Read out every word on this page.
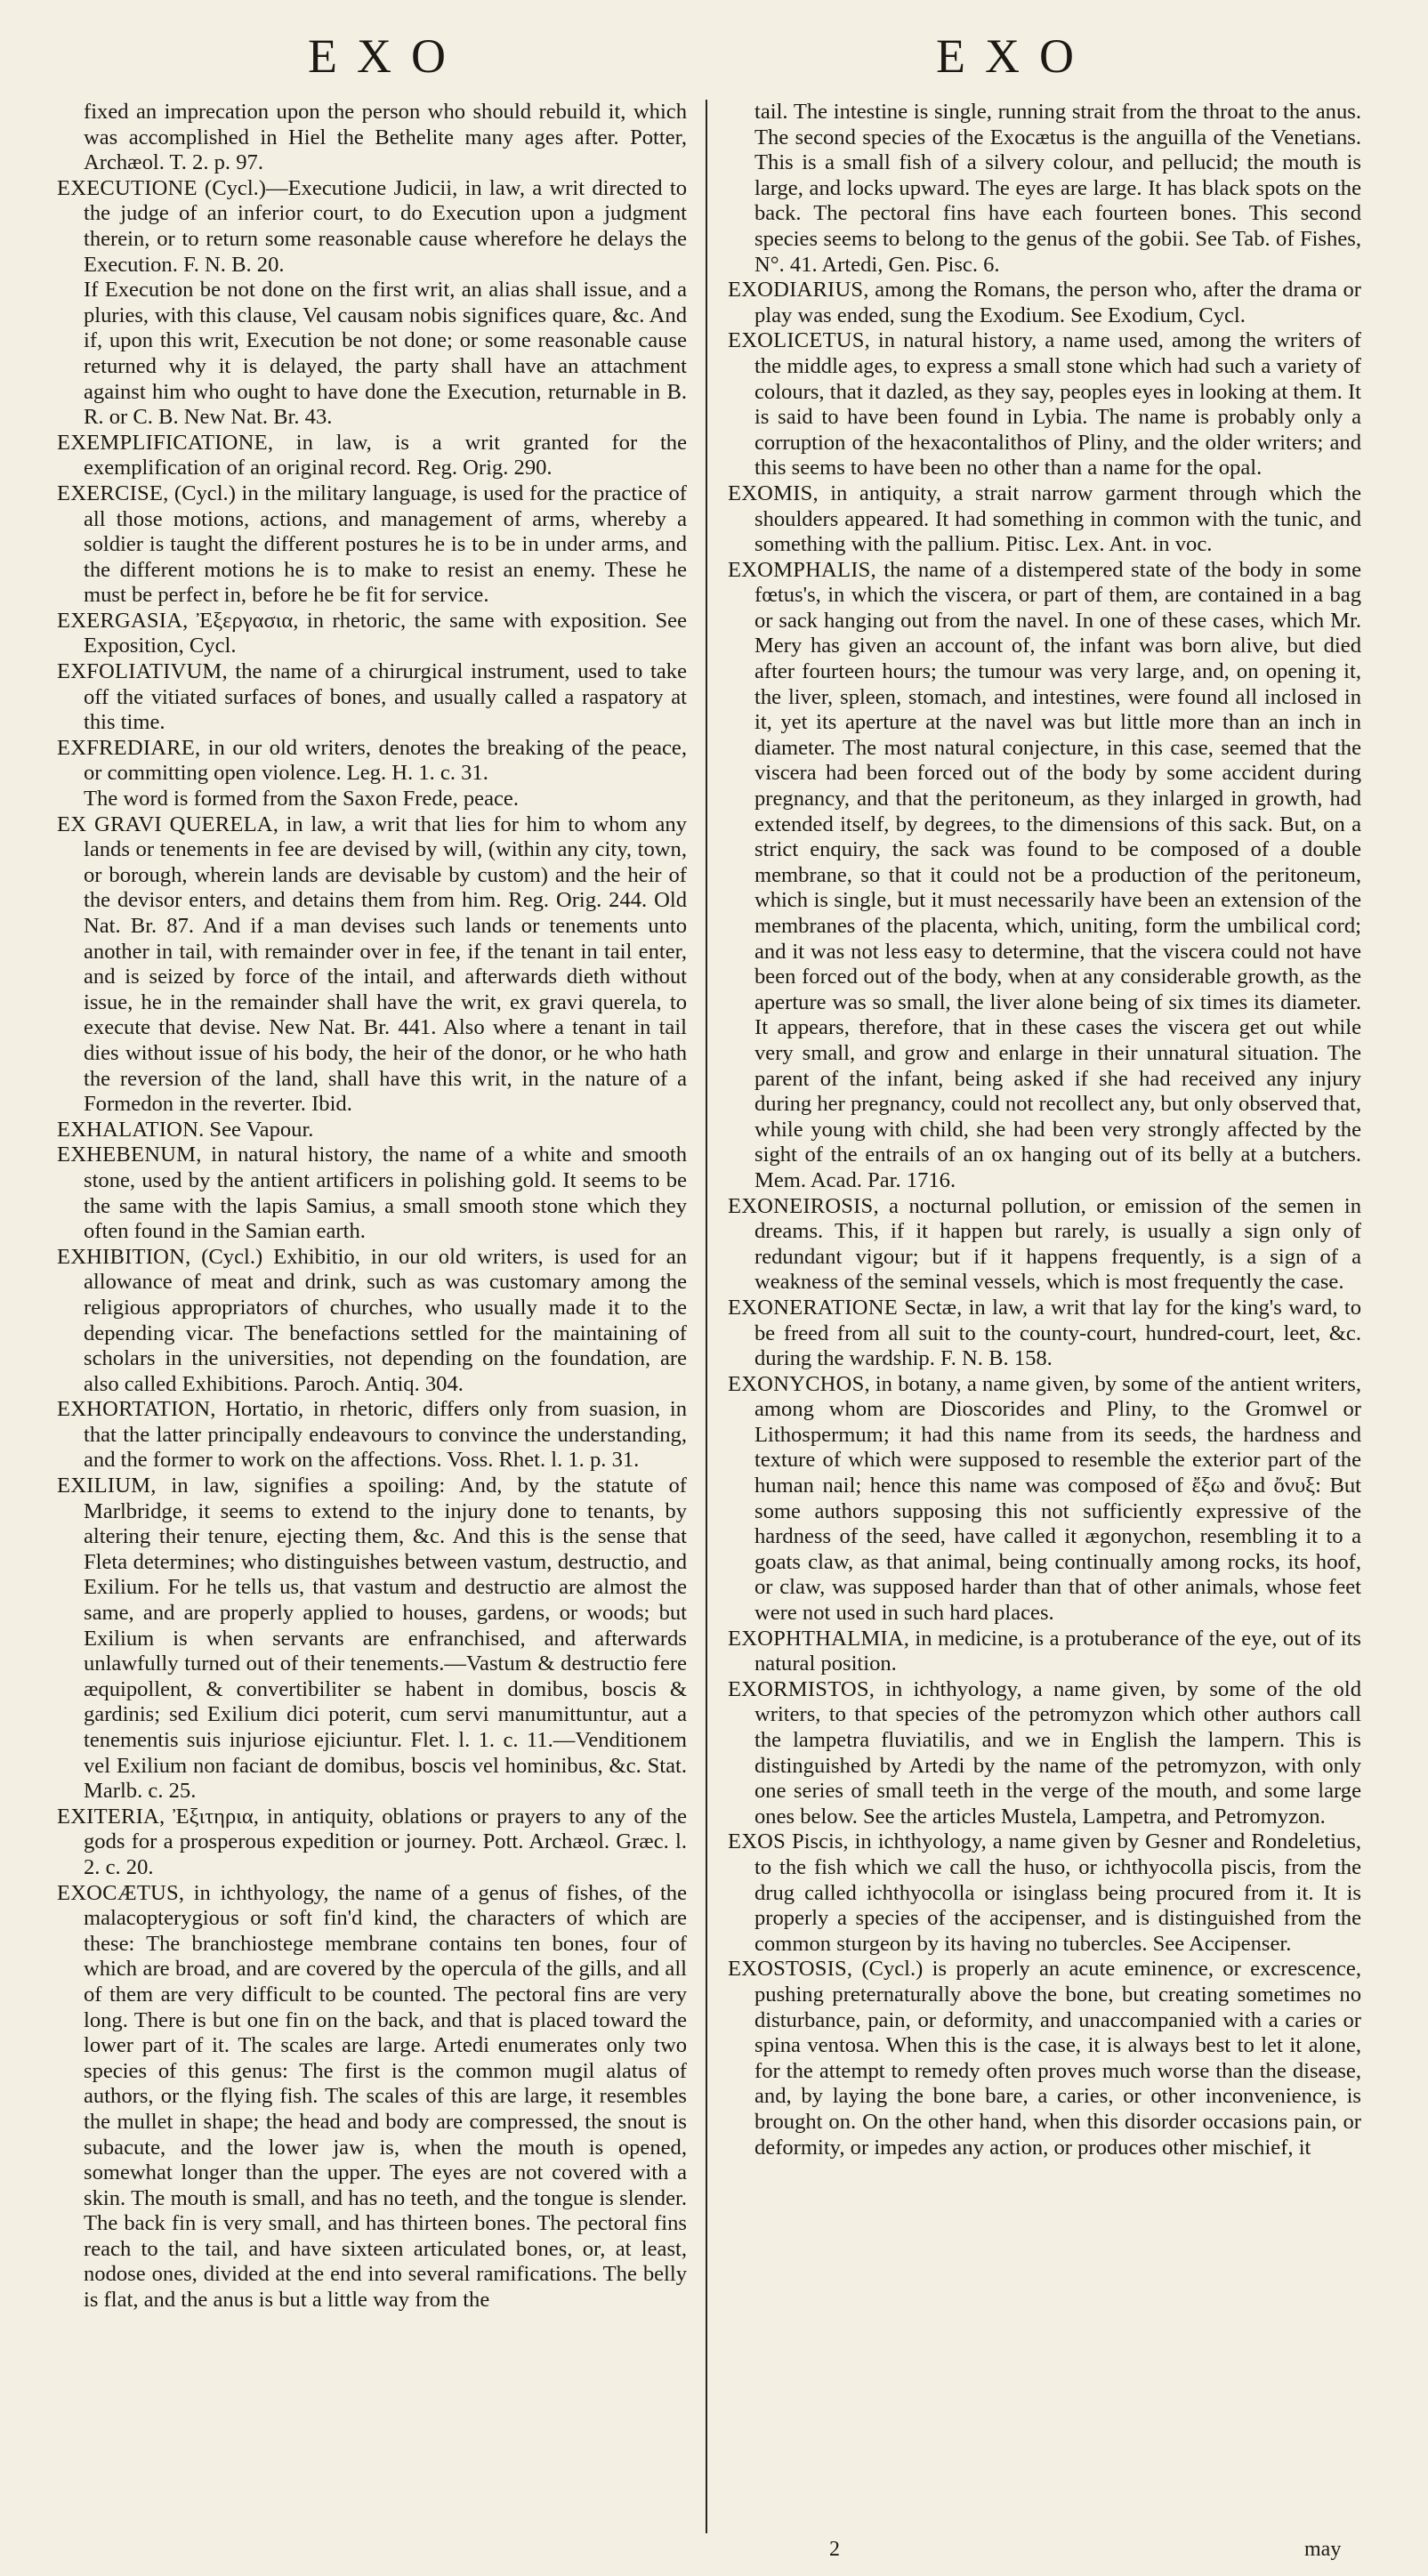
EXO	EXO

fixed an imprecation upon the person who should rebuild it, which was accomplished in Hiel the Bethelite many ages after. Potter, Archæol. T. 2. p. 97.

EXECUTIONE (Cycl.)—Executione Judicii, in law, a writ directed to the judge of an inferior court, to do Execution upon a judgment therein, or to return some reasonable cause wherefore he delays the Execution. F. N. B. 20.

If Execution be not done on the first writ, an alias shall issue, and a pluries, with this clause, Vel causam nobis significes quare, &c. And if, upon this writ, Execution be not done; or some reasonable cause returned why it is delayed, the party shall have an attachment against him who ought to have done the Execution, returnable in B. R. or C. B. New Nat. Br. 43.

EXEMPLIFICATIONE, in law, is a writ granted for the exemplification of an original record. Reg. Orig. 290.

EXERCISE, (Cycl.) in the military language, is used for the practice of all those motions, actions, and management of arms, whereby a soldier is taught the different postures he is to be in under arms, and the different motions he is to make to resist an enemy. These he must be perfect in, before he be fit for service.

EXERGASIA, Ἐξεργασια, in rhetoric, the same with exposition. See Exposition, Cycl.

EXFOLIATIVUM, the name of a chirurgical instrument, used to take off the vitiated surfaces of bones, and usually called a raspatory at this time.

EXFREDIARE, in our old writers, denotes the breaking of the peace, or committing open violence. Leg. H. 1. c. 31.

The word is formed from the Saxon Frede, peace.

EX GRAVI QUERELA, in law, a writ that lies for him to whom any lands or tenements in fee are devised by will, (within any city, town, or borough, wherein lands are devisable by custom) and the heir of the devisor enters, and detains them from him. Reg. Orig. 244. Old Nat. Br. 87. And if a man devises such lands or tenements unto another in tail, with remainder over in fee, if the tenant in tail enter, and is seized by force of the intail, and afterwards dieth without issue, he in the remainder shall have the writ, ex gravi querela, to execute that devise. New Nat. Br. 441. Also where a tenant in tail dies without issue of his body, the heir of the donor, or he who hath the reversion of the land, shall have this writ, in the nature of a Formedon in the reverter. Ibid.

EXHALATION. See Vapour.

EXHEBENUM, in natural history, the name of a white and smooth stone, used by the antient artificers in polishing gold. It seems to be the same with the lapis Samius, a small smooth stone which they often found in the Samian earth.

EXHIBITION, (Cycl.) Exhibitio, in our old writers, is used for an allowance of meat and drink, such as was customary among the religious appropriators of churches, who usually made it to the depending vicar. The benefactions settled for the maintaining of scholars in the universities, not depending on the foundation, are also called Exhibitions. Paroch. Antiq. 304.

EXHORTATION, Hortatio, in rhetoric, differs only from suasion, in that the latter principally endeavours to convince the understanding, and the former to work on the affections. Voss. Rhet. l. 1. p. 31.

EXILIUM, in law, signifies a spoiling: And, by the statute of Marlbridge, it seems to extend to the injury done to tenants, by altering their tenure, ejecting them, &c. And this is the sense that Fleta determines; who distinguishes between vastum, destructio, and Exilium. For he tells us, that vastum and destructio are almost the same, and are properly applied to houses, gardens, or woods; but Exilium is when servants are enfranchised, and afterwards unlawfully turned out of their tenements.—Vastum & destructio fere æquipollent, & convertibiliter se habent in domibus, boscis & gardinis; sed Exilium dici poterit, cum servi manumittuntur, aut a tenementis suis injuriose ejiciuntur. Flet. l. 1. c. 11.—Venditionem vel Exilium non faciant de domibus, boscis vel hominibus, &c. Stat. Marlb. c. 25.

EXITERIA, Ἐξιτηρια, in antiquity, oblations or prayers to any of the gods for a prosperous expedition or journey. Pott. Archæol. Græc. l. 2. c. 20.

EXOCÆTUS, in ichthyology, the name of a genus of fishes, of the malacopterygious or soft fin'd kind, the characters of which are these: The branchiostege membrane contains ten bones, four of which are broad, and are covered by the opercula of the gills, and all of them are very difficult to be counted. The pectoral fins are very long. There is but one fin on the back, and that is placed toward the lower part of it. The scales are large. Artedi enumerates only two species of this genus: The first is the common mugil alatus of authors, or the flying fish. The scales of this are large, it resembles the mullet in shape; the head and body are compressed, the snout is subacute, and the lower jaw is, when the mouth is opened, somewhat longer than the upper. The eyes are not covered with a skin. The mouth is small, and has no teeth, and the tongue is slender. The back fin is very small, and has thirteen bones. The pectoral fins reach to the tail, and have sixteen articulated bones, or, at least, nodose ones, divided at the end into several ramifications. The belly is flat, and the anus is but a little way from the

tail. The intestine is single, running strait from the throat to the anus. The second species of the Exocætus is the anguilla of the Venetians. This is a small fish of a silvery colour, and pellucid; the mouth is large, and locks upward. The eyes are large. It has black spots on the back. The pectoral fins have each fourteen bones. This second species seems to belong to the genus of the gobii. See Tab. of Fishes, N°. 41. Artedi, Gen. Pisc. 6.

EXODIARIUS, among the Romans, the person who, after the drama or play was ended, sung the Exodium. See Exodium, Cycl.

EXOLICETUS, in natural history, a name used, among the writers of the middle ages, to express a small stone which had such a variety of colours, that it dazled, as they say, peoples eyes in looking at them. It is said to have been found in Lybia. The name is probably only a corruption of the hexacontalithos of Pliny, and the older writers; and this seems to have been no other than a name for the opal.

EXOMIS, in antiquity, a strait narrow garment through which the shoulders appeared. It had something in common with the tunic, and something with the pallium. Pitisc. Lex. Ant. in voc.

EXOMPHALIS, the name of a distempered state of the body in some fœtus's, in which the viscera, or part of them, are contained in a bag or sack hanging out from the navel. In one of these cases, which Mr. Mery has given an account of, the infant was born alive, but died after fourteen hours; the tumour was very large, and, on opening it, the liver, spleen, stomach, and intestines, were found all inclosed in it, yet its aperture at the navel was but little more than an inch in diameter. The most natural conjecture, in this case, seemed that the viscera had been forced out of the body by some accident during pregnancy, and that the peritoneum, as they inlarged in growth, had extended itself, by degrees, to the dimensions of this sack. But, on a strict enquiry, the sack was found to be composed of a double membrane, so that it could not be a production of the peritoneum, which is single, but it must necessarily have been an extension of the membranes of the placenta, which, uniting, form the umbilical cord; and it was not less easy to determine, that the viscera could not have been forced out of the body, when at any considerable growth, as the aperture was so small, the liver alone being of six times its diameter. It appears, therefore, that in these cases the viscera get out while very small, and grow and enlarge in their unnatural situation. The parent of the infant, being asked if she had received any injury during her pregnancy, could not recollect any, but only observed that, while young with child, she had been very strongly affected by the sight of the entrails of an ox hanging out of its belly at a butchers. Mem. Acad. Par. 1716.

EXONEIROSIS, a nocturnal pollution, or emission of the semen in dreams. This, if it happen but rarely, is usually a sign only of redundant vigour; but if it happens frequently, is a sign of a weakness of the seminal vessels, which is most frequently the case.

EXONERATIONE Sectæ, in law, a writ that lay for the king's ward, to be freed from all suit to the county-court, hundred-court, leet, &c. during the wardship. F. N. B. 158.

EXONYCHOS, in botany, a name given, by some of the antient writers, among whom are Dioscorides and Pliny, to the Gromwel or Lithospermum; it had this name from its seeds, the hardness and texture of which were supposed to resemble the exterior part of the human nail; hence this name was composed of ἔξω and ὄνυξ: But some authors supposing this not sufficiently expressive of the hardness of the seed, have called it ægonychon, resembling it to a goats claw, as that animal, being continually among rocks, its hoof, or claw, was supposed harder than that of other animals, whose feet were not used in such hard places.

EXOPHTHALMIA, in medicine, is a protuberance of the eye, out of its natural position.

EXORMISTOS, in ichthyology, a name given, by some of the old writers, to that species of the petromyzon which other authors call the lampetra fluviatilis, and we in English the lampern. This is distinguished by Artedi by the name of the petromyzon, with only one series of small teeth in the verge of the mouth, and some large ones below. See the articles Mustela, Lampetra, and Petromyzon.

EXOS Piscis, in ichthyology, a name given by Gesner and Rondeletius, to the fish which we call the huso, or ichthyocolla piscis, from the drug called ichthyocolla or isinglass being procured from it. It is properly a species of the accipenser, and is distinguished from the common sturgeon by its having no tubercles. See Accipenser.

EXOSTOSIS, (Cycl.) is properly an acute eminence, or excrescence, pushing preternaturally above the bone, but creating sometimes no disturbance, pain, or deformity, and unaccompanied with a caries or spina ventosa. When this is the case, it is always best to let it alone, for the attempt to remedy often proves much worse than the disease, and, by laying the bone bare, a caries, or other inconvenience, is brought on. On the other hand, when this disorder occasions pain, or deformity, or impedes any action, or produces other mischief, it

2	may
